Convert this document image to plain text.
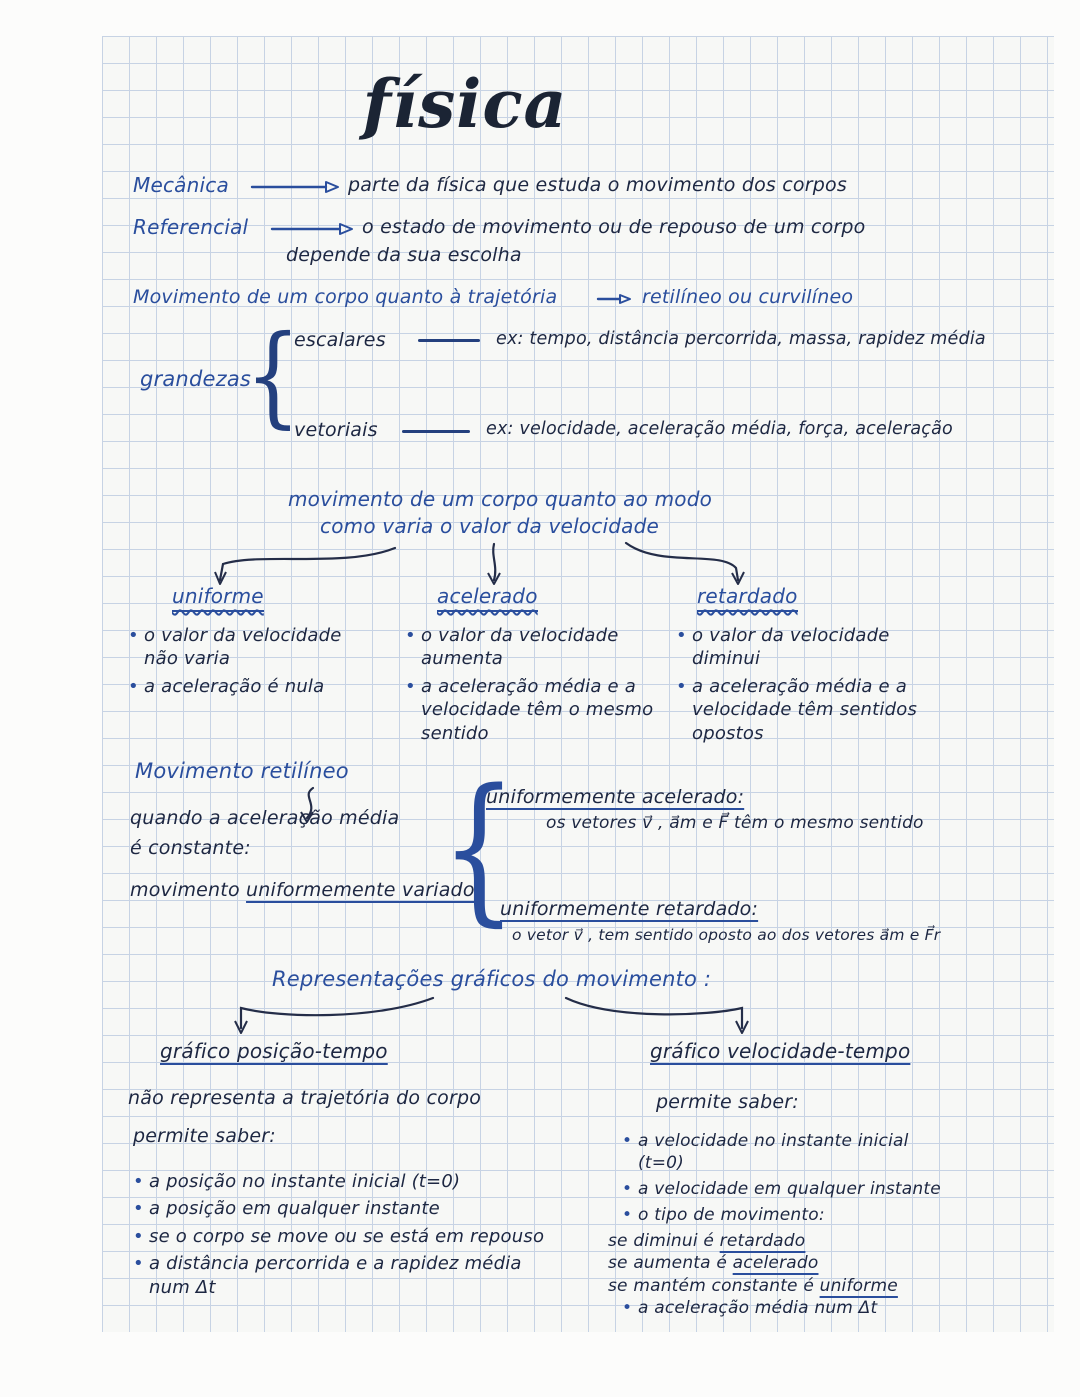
física
Mecânica	parte da física que estuda o movimento dos corpos
Referencial	o estado de movimento ou de repouso de um corpo
depende da sua escolha
Movimento de um corpo quanto à trajetória	retilíneo ou curvilíneo
grandezas
{
escalares	ex: tempo, distância percorrida, massa, rapidez média
vetoriais	ex: velocidade, aceleração média, força, aceleração
movimento de um corpo quanto ao modo
como varia o valor da velocidade
uniforme	acelerado	retardado
• o valor da velocidade não varia
• a aceleração é nula
• o valor da velocidade aumenta
• a aceleração média e a velocidade têm o mesmo sentido
• o valor da velocidade diminui
• a aceleração média e a velocidade têm sentidos opostos
Movimento retilíneo
quando a aceleração média
é constante:
movimento uniformemente variado
{
uniformemente acelerado:
os vetores v⃗ , a⃗m e F⃗ têm o mesmo sentido
uniformemente retardado:
o vetor v⃗ , tem sentido oposto ao dos vetores a⃗m e F⃗r
Representações gráficos do movimento :
gráfico posição-tempo
não representa a trajetória do corpo
permite saber:
• a posição no instante inicial (t=0)
• a posição em qualquer instante
• se o corpo se move ou se está em repouso
• a distância percorrida e a rapidez média num Δt
gráfico velocidade-tempo
permite saber:
• a velocidade no instante inicial (t=0)
• a velocidade em qualquer instante
• o tipo de movimento:
se diminui é retardado
se aumenta é acelerado
se mantém constante é uniforme
• a aceleração média num Δt
